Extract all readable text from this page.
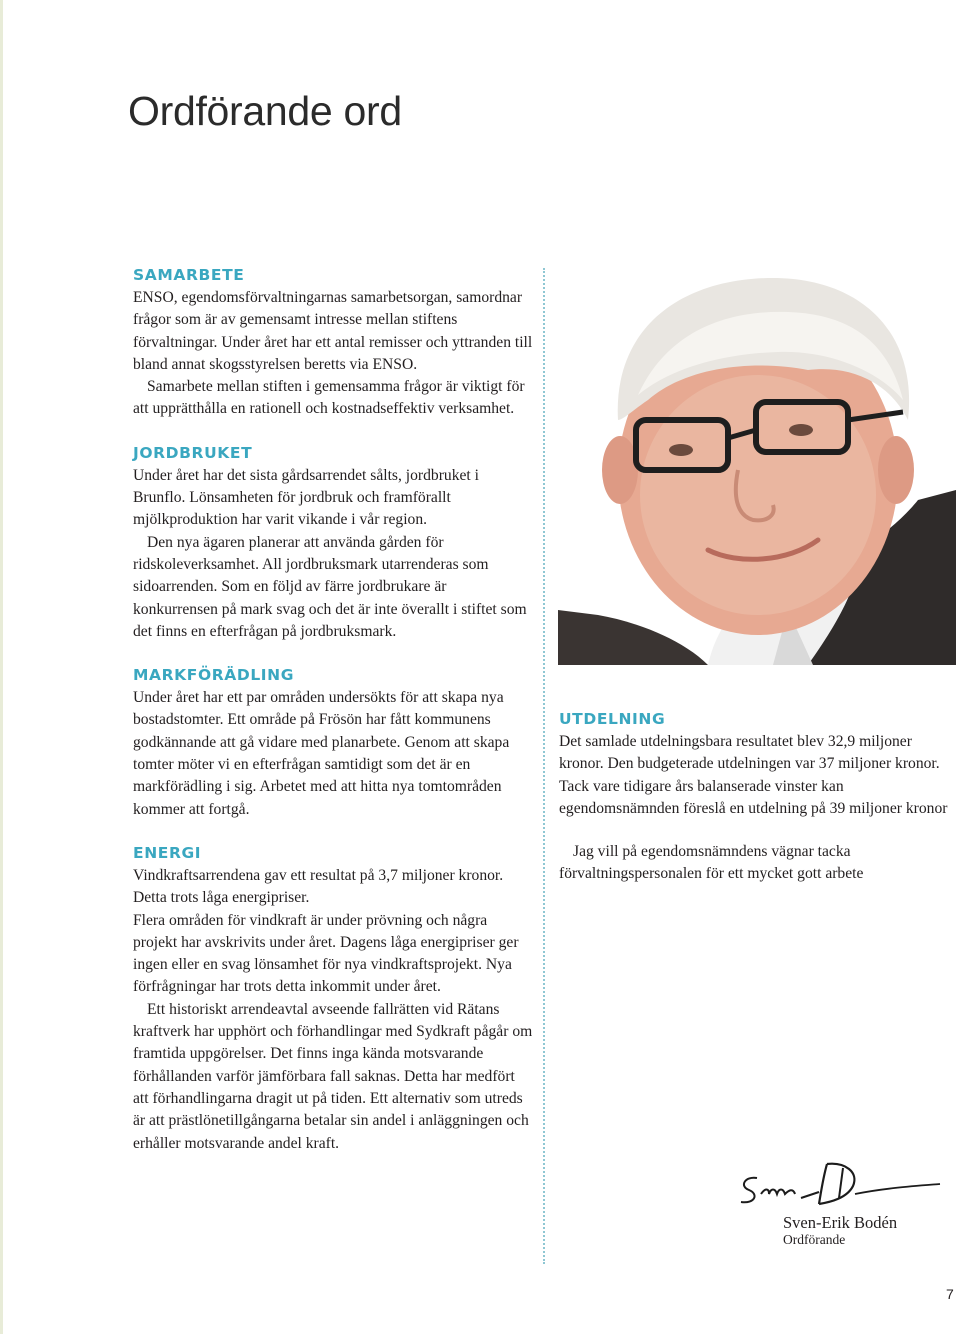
Ordförande ord
SAMARBETE

ENSO, egendomsförvaltningarnas samarbetsorgan, samordnar frågor som är av gemensamt intresse mellan stiftens förvaltningar. Under året har ett antal remisser och yttranden till bland annat skogsstyrelsen beretts via ENSO.

Samarbete mellan stiften i gemensamma frågor är viktigt för att upprätthålla en rationell och kostnadseffektiv verksamhet.

JORDBRUKET

Under året har det sista gårdsarrendet sålts, jordbruket i Brunflo. Lönsamheten för jordbruk och framförallt mjölkproduktion har varit vikande i vår region.

Den nya ägaren planerar att använda gården för ridskoleverksamhet. All jordbruksmark utarrenderas som sidoarrenden. Som en följd av färre jordbrukare är konkurrensen på mark svag och det är inte överallt i stiftet som det finns en efterfrågan på jordbruksmark.

MARKFÖRÄDLING

Under året har ett par områden undersökts för att skapa nya bostadstomter. Ett område på Frösön har fått kommunens godkännande att gå vidare med planarbete. Genom att skapa tomter möter vi en efterfrågan samtidigt som det är en markförädling i sig. Arbetet med att hitta nya tomtområden kommer att fortgå.

ENERGI

Vindkraftsarrendena gav ett resultat på 3,7 miljoner kronor. Detta trots låga energipriser.

Flera områden för vindkraft är under prövning och några projekt har avskrivits under året. Dagens låga energipriser ger ingen eller en svag lönsamhet för nya vindkraftsprojekt. Nya förfrågningar har trots detta inkommit under året.

Ett historiskt arrendeavtal avseende fallrätten vid Rätans kraftverk har upphört och förhandlingar med Sydkraft pågår om framtida uppgörelser. Det finns inga kända motsvarande förhållanden varför jämförbara fall saknas. Detta har medfört att förhandlingarna dragit ut på tiden. Ett alternativ som utreds är att prästlönetillgångarna betalar sin andel i anläggningen och erhåller motsvarande andel kraft.

UTDELNING

Det samlade utdelningsbara resultatet blev 32,9 miljoner kronor. Den budgeterade utdelningen var 37 miljoner kronor. Tack vare tidigare års balanserade vinster kan egendomsnämnden föreslå en utdelning på 39 miljoner kronor

Jag vill på egendomsnämndens vägnar tacka förvaltningspersonalen för ett mycket gott arbete

Sven-Erik Bodén
Ordförande
7
